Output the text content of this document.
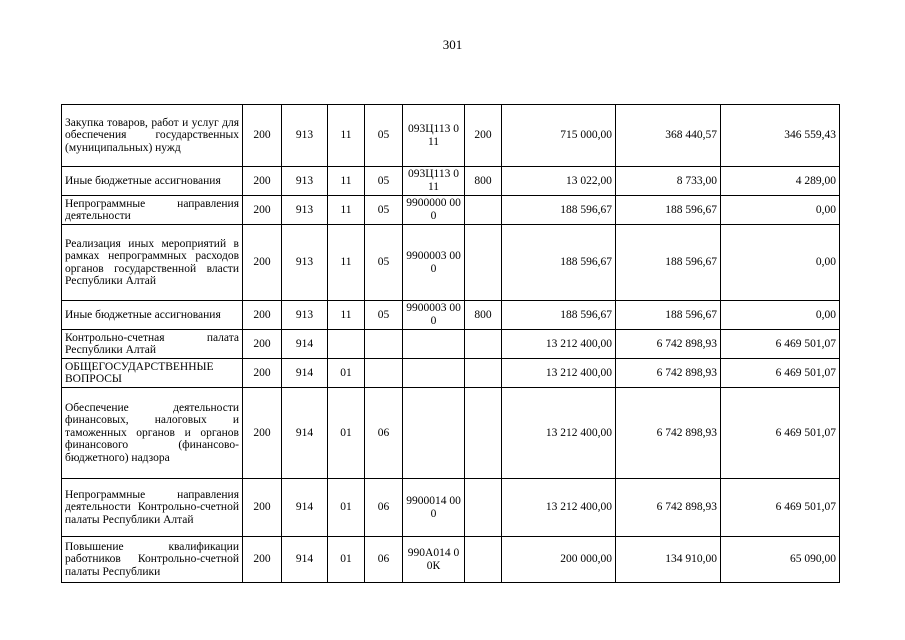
301
Закупка товаров, работ и услуг для обеспечения государственных (муниципальных) нужд	200	913	11	05	093Ц113 011	200	715 000,00	368 440,57	346 559,43
Иные бюджетные ассигнования	200	913	11	05	093Ц113 011	800	13 022,00	8 733,00	4 289,00
Непрограммные направления деятельности	200	913	11	05	9900000 000		188 596,67	188 596,67	0,00
Реализация иных мероприятий в рамках непрограммных расходов органов государственной власти Республики Алтай	200	913	11	05	9900003 000		188 596,67	188 596,67	0,00
Иные бюджетные ассигнования	200	913	11	05	9900003 000	800	188 596,67	188 596,67	0,00
Контрольно-счетная палата Республики Алтай	200	914					13 212 400,00	6 742 898,93	6 469 501,07
ОБЩЕГОСУДАРСТВЕННЫЕ ВОПРОСЫ	200	914	01				13 212 400,00	6 742 898,93	6 469 501,07
Обеспечение деятельности финансовых, налоговых и таможенных органов и органов финансового (финансово-бюджетного) надзора	200	914	01	06			13 212 400,00	6 742 898,93	6 469 501,07
Непрограммные направления деятельности Контрольно-счетной палаты Республики Алтай	200	914	01	06	9900014 000		13 212 400,00	6 742 898,93	6 469 501,07
Повышение квалификации работников Контрольно-счетной палаты Республики	200	914	01	06	990А014 00К		200 000,00	134 910,00	65 090,00
